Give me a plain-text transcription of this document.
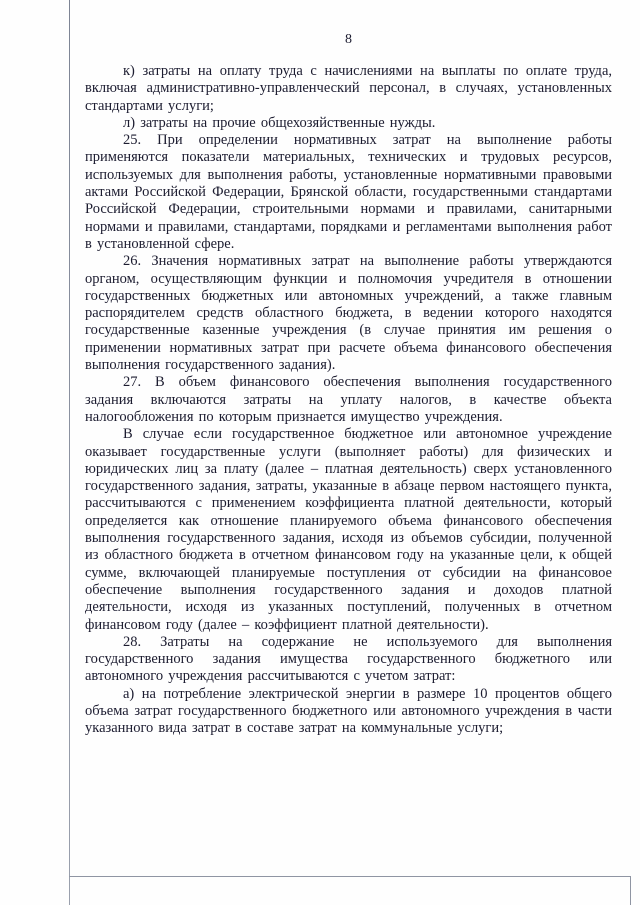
8

к) затраты на оплату труда с начислениями на выплаты по оплате труда, включая административно-управленческий персонал, в случаях, установленных стандартами услуги;

л) затраты на прочие общехозяйственные нужды.

25. При определении нормативных затрат на выполнение работы применяются показатели материальных, технических и трудовых ресурсов, используемых для выполнения работы, установленные нормативными правовыми актами Российской Федерации, Брянской области, государственными стандартами Российской Федерации, строительными нормами и правилами, санитарными нормами и правилами, стандартами, порядками и регламентами выполнения работ в установленной сфере.

26. Значения нормативных затрат на выполнение работы утверждаются органом, осуществляющим функции и полномочия учредителя в отношении государственных бюджетных или автономных учреждений, а также главным распорядителем средств областного бюджета, в ведении которого находятся государственные казенные учреждения (в случае принятия им решения о применении нормативных затрат при расчете объема финансового обеспечения выполнения государственного задания).

27. В объем финансового обеспечения выполнения государственного задания включаются затраты на уплату налогов, в качестве объекта налогообложения по которым признается имущество учреждения.

В случае если государственное бюджетное или автономное учреждение оказывает государственные услуги (выполняет работы) для физических и юридических лиц за плату (далее – платная деятельность) сверх установленного государственного задания, затраты, указанные в абзаце первом настоящего пункта, рассчитываются с применением коэффициента платной деятельности, который определяется как отношение планируемого объема финансового обеспечения выполнения государственного задания, исходя из объемов субсидии, полученной из областного бюджета в отчетном финансовом году на указанные цели, к общей сумме, включающей планируемые поступления от субсидии на финансовое обеспечение выполнения государственного задания и доходов платной деятельности, исходя из указанных поступлений, полученных в отчетном финансовом году (далее – коэффициент платной деятельности).

28. Затраты на содержание не используемого для выполнения государственного задания имущества государственного бюджетного или автономного учреждения рассчитываются с учетом затрат:

а) на потребление электрической энергии в размере 10 процентов общего объема затрат государственного бюджетного или автономного учреждения в части указанного вида затрат в составе затрат на коммунальные услуги;
